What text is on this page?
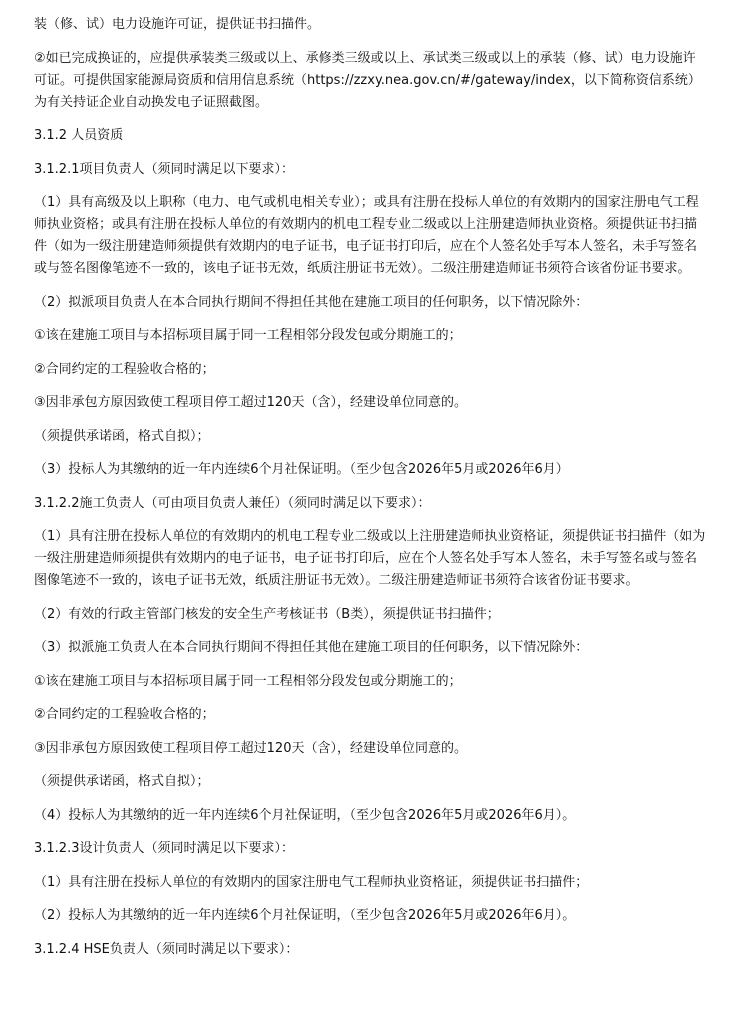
装（修、试）电力设施许可证，提供证书扫描件。

②如已完成换证的，应提供承装类三级或以上、承修类三级或以上、承试类三级或以上的承装（修、试）电力设施许可证。可提供国家能源局资质和信用信息系统（https://zzxy.nea.gov.cn/#/gateway/index，以下简称资信系统）为有关持证企业自动换发电子证照截图。

3.1.2 人员资质

3.1.2.1项目负责人（须同时满足以下要求）：

（1）具有高级及以上职称（电力、电气或机电相关专业）；或具有注册在投标人单位的有效期内的国家注册电气工程师执业资格；或具有注册在投标人单位的有效期内的机电工程专业二级或以上注册建造师执业资格。须提供证书扫描件（如为一级注册建造师须提供有效期内的电子证书，电子证书打印后，应在个人签名处手写本人签名，未手写签名或与签名图像笔迹不一致的，该电子证书无效，纸质注册证书无效）。二级注册建造师证书须符合该省份证书要求。

（2）拟派项目负责人在本合同执行期间不得担任其他在建施工项目的任何职务，以下情况除外：

①该在建施工项目与本招标项目属于同一工程相邻分段发包或分期施工的；

②合同约定的工程验收合格的；

③因非承包方原因致使工程项目停工超过120天（含），经建设单位同意的。

（须提供承诺函，格式自拟）；

（3）投标人为其缴纳的近一年内连续6个月社保证明。（至少包含2026年5月或2026年6月）

3.1.2.2施工负责人（可由项目负责人兼任）（须同时满足以下要求）：

（1）具有注册在投标人单位的有效期内的机电工程专业二级或以上注册建造师执业资格证，须提供证书扫描件（如为一级注册建造师须提供有效期内的电子证书，电子证书打印后，应在个人签名处手写本人签名，未手写签名或与签名图像笔迹不一致的，该电子证书无效，纸质注册证书无效）。二级注册建造师证书须符合该省份证书要求。

（2）有效的行政主管部门核发的安全生产考核证书（B类），须提供证书扫描件；

（3）拟派施工负责人在本合同执行期间不得担任其他在建施工项目的任何职务，以下情况除外：

①该在建施工项目与本招标项目属于同一工程相邻分段发包或分期施工的；

②合同约定的工程验收合格的；

③因非承包方原因致使工程项目停工超过120天（含），经建设单位同意的。

（须提供承诺函，格式自拟）；

（4）投标人为其缴纳的近一年内连续6个月社保证明，（至少包含2026年5月或2026年6月）。

3.1.2.3设计负责人（须同时满足以下要求）：

（1）具有注册在投标人单位的有效期内的国家注册电气工程师执业资格证，须提供证书扫描件；

（2）投标人为其缴纳的近一年内连续6个月社保证明，（至少包含2026年5月或2026年6月）。

3.1.2.4 HSE负责人（须同时满足以下要求）：
